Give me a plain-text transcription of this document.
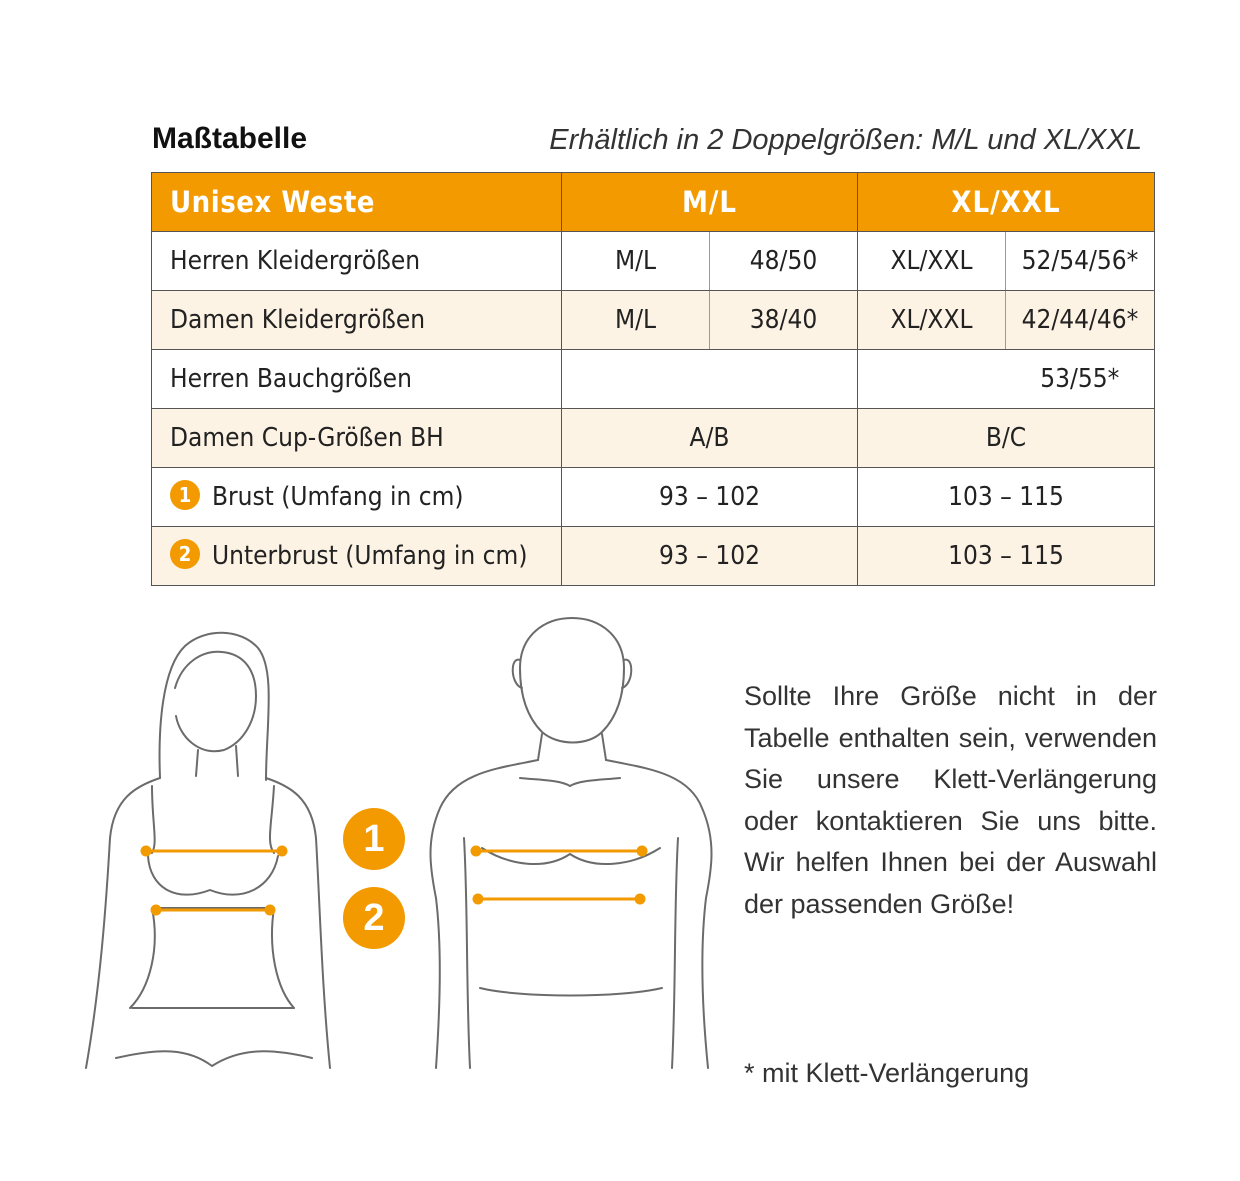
Maßtabelle	Erhältlich in 2 Doppelgrößen: M/L und XL/XXL
Unisex Weste	M/L		XL/XXL	
Herren Kleidergrößen	M/L	48/50	XL/XXL	52/54/56*
Damen Kleidergrößen	M/L	38/40	XL/XXL	42/44/46*
Herren Bauchgrößen				53/55*
Damen Cup-Größen BH	A/B		B/C	
1 Brust (Umfang in cm)	93 – 102		103 – 115	
2 Unterbrust (Umfang in cm)	93 – 102		103 – 115	
1
2
Sollte Ihre Größe nicht in der Tabelle enthalten sein, verwenden Sie unsere Klett-Verlängerung oder kontaktieren Sie uns bitte. Wir helfen Ihnen bei der Auswahl der passenden Größe!
* mit Klett-Verlängerung
